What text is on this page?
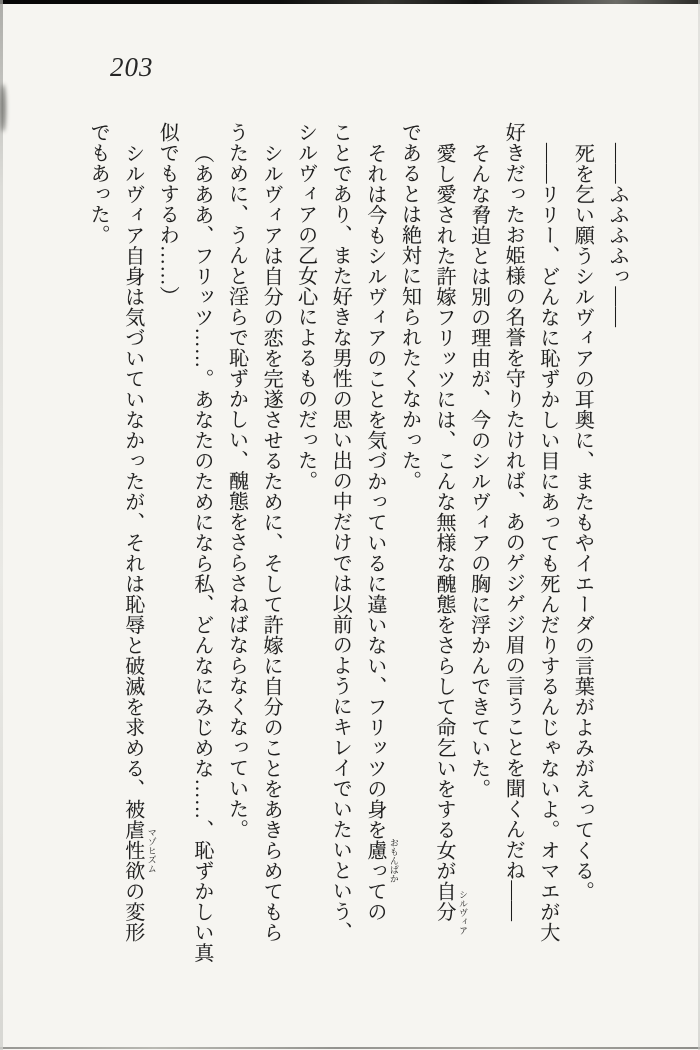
203

――ふふふふっ――

死を乞い願うシルヴィアの耳奥に、またもやイエーダの言葉がよみがえってくる。

――リリー、どんなに恥ずかしい目にあっても死んだりするんじゃないよ。オマエが大

好きだったお姫様の名誉を守りたければ、あのゲジゲジ眉の言うことを聞くんだね――

そんな脅迫とは別の理由が、今のシルヴィアの胸に浮かんできていた。

愛し愛された許嫁フリッツには、こんな無様な醜態をさらして命乞いをする女が自分 シルヴィア

であるとは絶対に知られたくなかった。

それは今もシルヴィアのことを気づかっているに違いない、フリッツの身を慮 おもんぱか
っての

ことであり、また好きな男性の思い出の中だけでは以前のようにキレイでいたいという、

シルヴィアの乙女心によるものだった。

シルヴィアは自分の恋を完遂させるために、そして許嫁に自分のことをあきらめてもら

うために、うんと淫らで恥ずかしい、醜態をさらさねばならなくなっていた。

（あああ、フリッツ……。あなたのためになら私、どんなにみじめな……、恥ずかしい真

似でもするわ……）

シルヴィア自身は気づいていなかったが、それは恥辱と破滅を求める、被虐性欲 マゾヒズム
の変形

でもあった。
